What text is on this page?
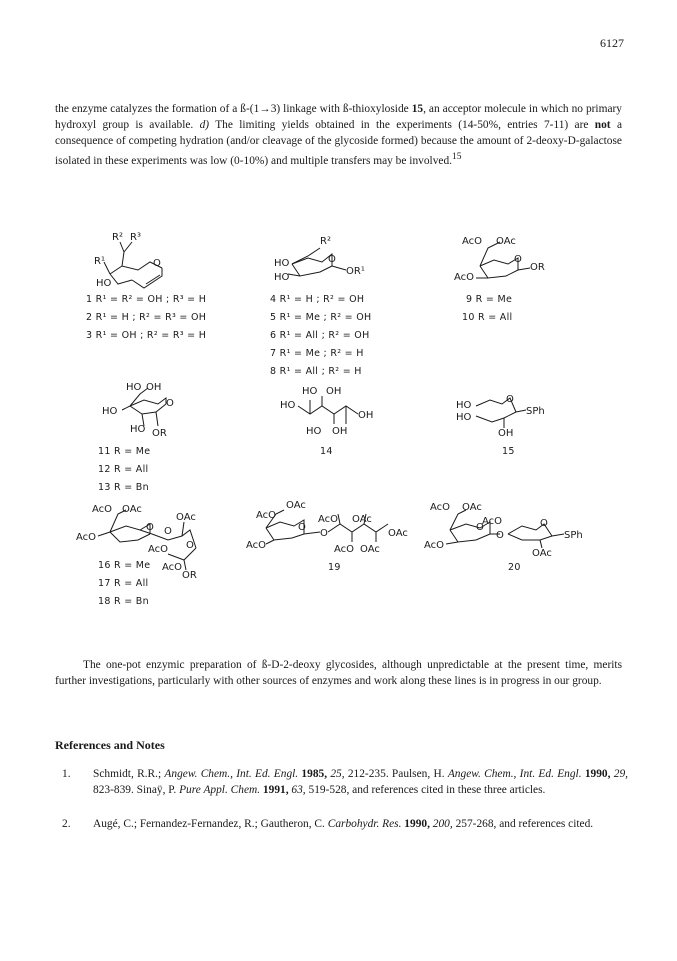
6127
the enzyme catalyzes the formation of a ß-(1→3) linkage with ß-thioxyloside 15, an acceptor molecule in which no primary hydroxyl group is available. d) The limiting yields obtained in the experiments (14-50%, entries 7-11) are not a consequence of competing hydration (and/or cleavage of the glycoside formed) because the amount of 2-deoxy-D-galactose isolated in these experiments was low (0-10%) and multiple transfers may be involved.$^{15}$
R² R³
R¹	O
HO
1 R¹ = R² = OH ; R³ = H
2 R¹ = H ; R² = R³ = OH
3 R¹ = OH ; R² = R³ = H
R²
HO
HO
O
OR¹
4 R¹ = H ; R² = OH
5 R¹ = Me ; R² = OH
6 R¹ = All ; R² = OH
7 R¹ = Me ; R² = H
8 R¹ = All ; R² = H
AcO OAc
AcO
O
OR
9 R = Me
10 R = All
HO OH
HO
O
HO OR
11 R = Me
12 R = All
13 R = Bn
HO OH
HO
OH
HO OH
14
HO
HO
O
SPh
OH
15
AcO OAc
OAc
AcO
O O
AcO
AcO
O
OR
16 R = Me
17 R = All
18 R = Bn
OAc
AcO	AcO OAc
AcO
O
O	OAc
AcO OAc
19
AcO OAc
AcO
AcO
O
O
O
SPh
OAc
20
The one-pot enzymic preparation of ß-D-2-deoxy glycosides, although unpredictable at the present time, merits further investigations, particularly with other sources of enzymes and work along these lines is in progress in our group.
References and Notes
1. Schmidt, R.R.; Angew. Chem., Int. Ed. Engl. 1985, 25, 212-235. Paulsen, H. Angew. Chem., Int. Ed. Engl. 1990, 29, 823-839. Sinaÿ, P. Pure Appl. Chem. 1991, 63, 519-528, and references cited in these three articles.
2. Augé, C.; Fernandez-Fernandez, R.; Gautheron, C. Carbohydr. Res. 1990, 200, 257-268, and references cited.
